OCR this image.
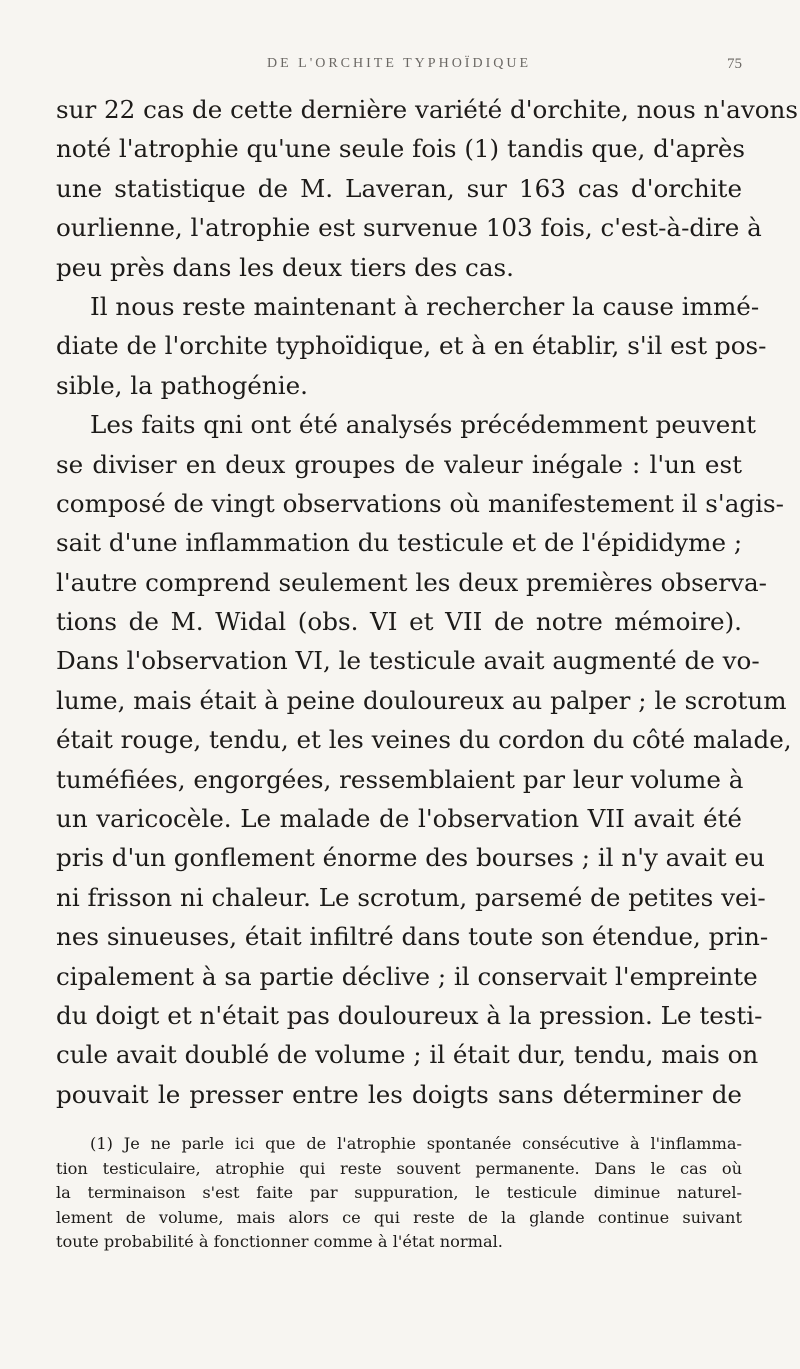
DE L'ORCHITE TYPHOÏDIQUE	75
sur 22 cas de cette dernière variété d'orchite, nous n'avons
noté l'atrophie qu'une seule fois (1) tandis que, d'après
une statistique de M. Laveran, sur 163 cas d'orchite
ourlienne, l'atrophie est survenue 103 fois, c'est-à-dire à
peu près dans les deux tiers des cas.
Il nous reste maintenant à rechercher la cause immé-
diate de l'orchite typhoïdique, et à en établir, s'il est pos-
sible, la pathogénie.
Les faits qni ont été analysés précédemment peuvent
se diviser en deux groupes de valeur inégale : l'un est
composé de vingt observations où manifestement il s'agis-
sait d'une inflammation du testicule et de l'épididyme ;
l'autre comprend seulement les deux premières observa-
tions de M. Widal (obs. VI et VII de notre mémoire).
Dans l'observation VI, le testicule avait augmenté de vo-
lume, mais était à peine douloureux au palper ; le scrotum
était rouge, tendu, et les veines du cordon du côté malade,
tuméfiées, engorgées, ressemblaient par leur volume à
un varicocèle. Le malade de l'observation VII avait été
pris d'un gonflement énorme des bourses ; il n'y avait eu
ni frisson ni chaleur. Le scrotum, parsemé de petites vei-
nes sinueuses, était infiltré dans toute son étendue, prin-
cipalement à sa partie déclive ; il conservait l'empreinte
du doigt et n'était pas douloureux à la pression. Le testi-
cule avait doublé de volume ; il était dur, tendu, mais on
pouvait le presser entre les doigts sans déterminer de
(1) Je ne parle ici que de l'atrophie spontanée consécutive à l'inflamma-
tion testiculaire, atrophie qui reste souvent permanente. Dans le cas où
la terminaison s'est faite par suppuration, le testicule diminue naturel-
lement de volume, mais alors ce qui reste de la glande continue suivant
toute probabilité à fonctionner comme à l'état normal.
